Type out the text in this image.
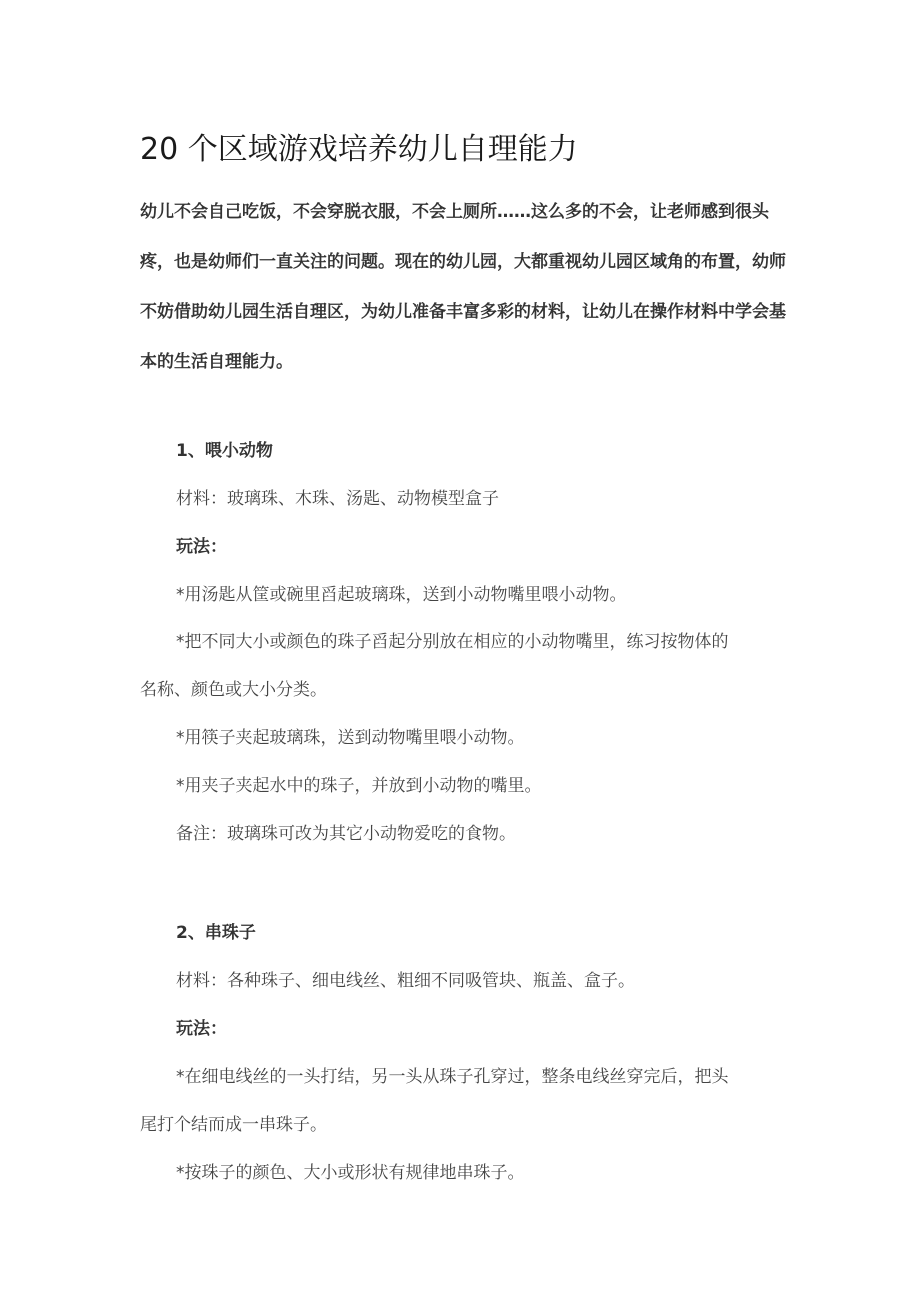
20 个区域游戏培养幼儿自理能力

幼儿不会自己吃饭，不会穿脱衣服，不会上厕所……这么多的不会，让老师感到很头疼，也是幼师们一直关注的问题。现在的幼儿园，大都重视幼儿园区域角的布置，幼师不妨借助幼儿园生活自理区，为幼儿准备丰富多彩的材料，让幼儿在操作材料中学会基本的生活自理能力。

1、喂小动物

材料：玻璃珠、木珠、汤匙、动物模型盒子

玩法：

*用汤匙从筐或碗里舀起玻璃珠，送到小动物嘴里喂小动物。

*把不同大小或颜色的珠子舀起分别放在相应的小动物嘴里，练习按物体的

名称、颜色或大小分类。

*用筷子夹起玻璃珠，送到动物嘴里喂小动物。

*用夹子夹起水中的珠子，并放到小动物的嘴里。

备注：玻璃珠可改为其它小动物爱吃的食物。

2、串珠子

材料：各种珠子、细电线丝、粗细不同吸管块、瓶盖、盒子。

玩法：

*在细电线丝的一头打结，另一头从珠子孔穿过，整条电线丝穿完后，把头

尾打个结而成一串珠子。

*按珠子的颜色、大小或形状有规律地串珠子。
